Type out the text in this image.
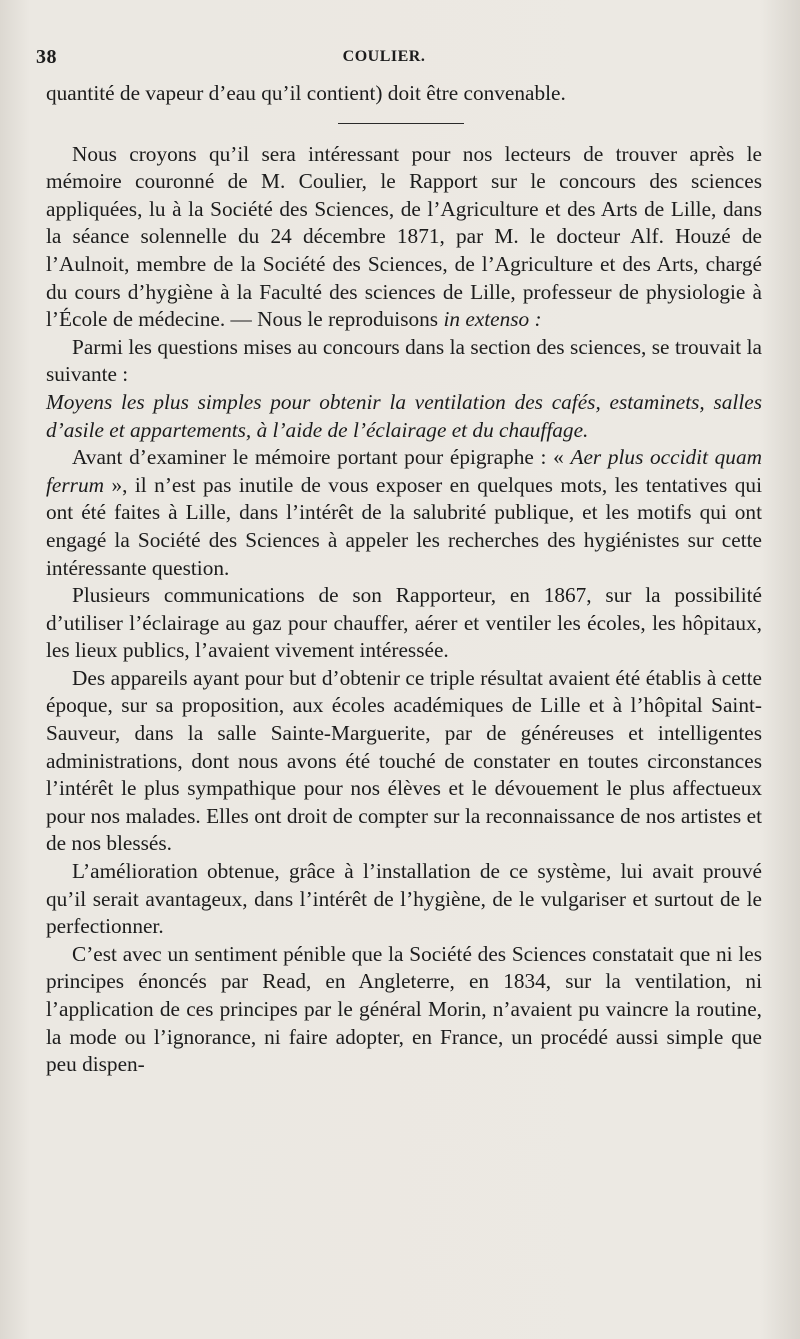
38	COULIER.

quantité de vapeur d’eau qu’il contient) doit être convenable.

Nous croyons qu’il sera intéressant pour nos lecteurs de trouver après le mémoire couronné de M. Coulier, le Rapport sur le concours des sciences appliquées, lu à la Société des Sciences, de l’Agriculture et des Arts de Lille, dans la séance solennelle du 24 décembre 1871, par M. le docteur Alf. Houzé de l’Aulnoit, membre de la Société des Sciences, de l’Agriculture et des Arts, chargé du cours d’hygiène à la Faculté des sciences de Lille, professeur de physiologie à l’École de médecine. — Nous le reproduisons in extenso :

Parmi les questions mises au concours dans la section des sciences, se trouvait la suivante :

Moyens les plus simples pour obtenir la ventilation des cafés, estaminets, salles d’asile et appartements, à l’aide de l’éclairage et du chauffage.

Avant d’examiner le mémoire portant pour épigraphe : « Aer plus occidit quam ferrum », il n’est pas inutile de vous exposer en quelques mots, les tentatives qui ont été faites à Lille, dans l’intérêt de la salubrité publique, et les motifs qui ont engagé la Société des Sciences à appeler les recherches des hygiénistes sur cette intéressante question.

Plusieurs communications de son Rapporteur, en 1867, sur la possibilité d’utiliser l’éclairage au gaz pour chauffer, aérer et ventiler les écoles, les hôpitaux, les lieux publics, l’avaient vivement intéressée.

Des appareils ayant pour but d’obtenir ce triple résultat avaient été établis à cette époque, sur sa proposition, aux écoles académiques de Lille et à l’hôpital Saint-Sauveur, dans la salle Sainte-Marguerite, par de généreuses et intelligentes administrations, dont nous avons été touché de constater en toutes circonstances l’intérêt le plus sympathique pour nos élèves et le dévouement le plus affectueux pour nos malades. Elles ont droit de compter sur la reconnaissance de nos artistes et de nos blessés.

L’amélioration obtenue, grâce à l’installation de ce système, lui avait prouvé qu’il serait avantageux, dans l’intérêt de l’hygiène, de le vulgariser et surtout de le perfectionner.

C’est avec un sentiment pénible que la Société des Sciences constatait que ni les principes énoncés par Read, en Angleterre, en 1834, sur la ventilation, ni l’application de ces principes par le général Morin, n’avaient pu vaincre la routine, la mode ou l’ignorance, ni faire adopter, en France, un procédé aussi simple que peu dispen-
